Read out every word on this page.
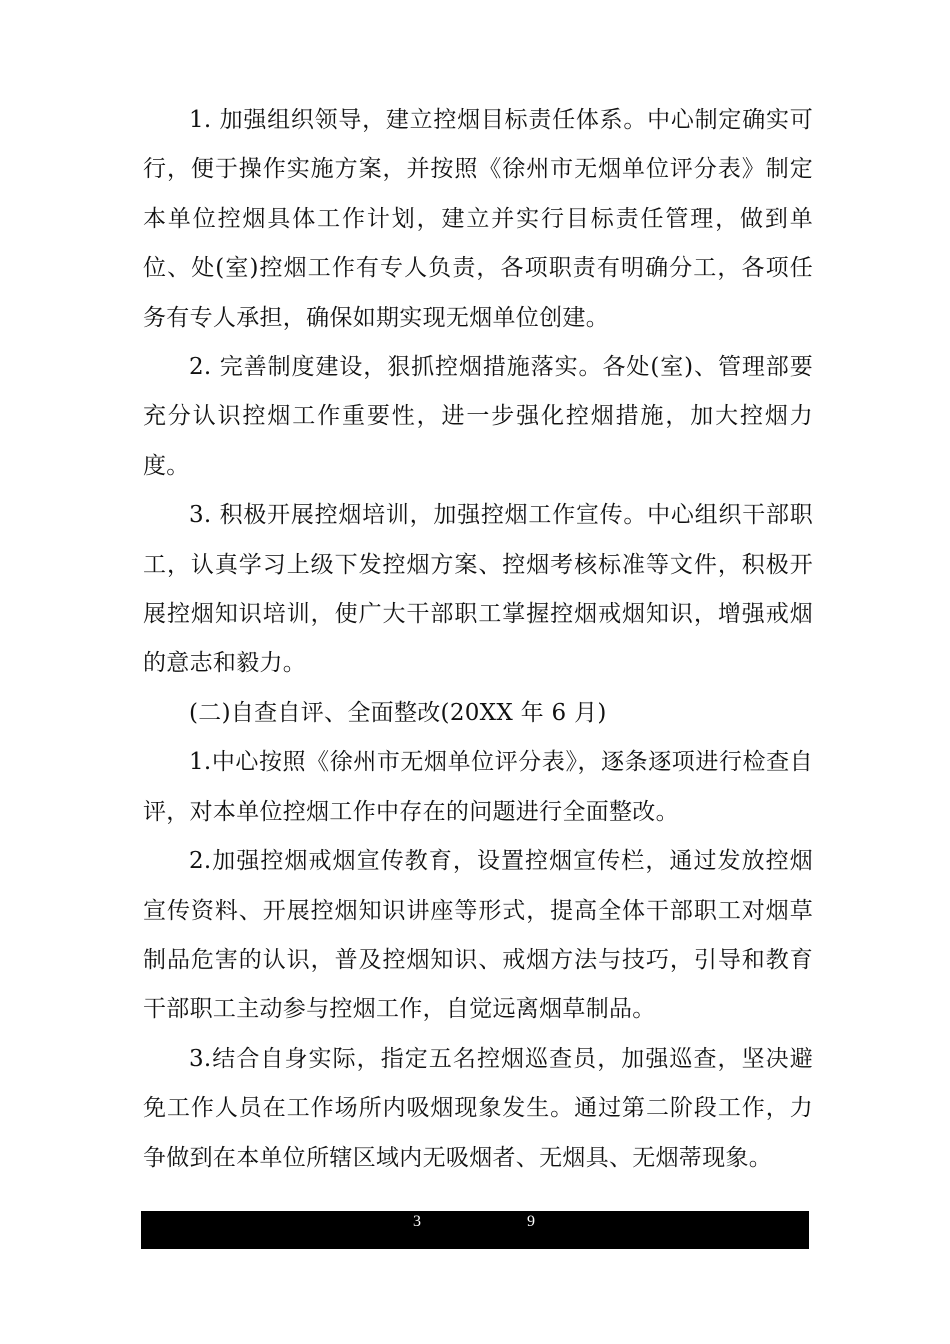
1. 加强组织领导，建立控烟目标责任体系。中心制定确实可行，便于操作实施方案，并按照《徐州市无烟单位评分表》制定本单位控烟具体工作计划，建立并实行目标责任管理，做到单位、处(室)控烟工作有专人负责，各项职责有明确分工，各项任务有专人承担，确保如期实现无烟单位创建。

2. 完善制度建设，狠抓控烟措施落实。各处(室)、管理部要充分认识控烟工作重要性，进一步强化控烟措施，加大控烟力度。

3. 积极开展控烟培训，加强控烟工作宣传。中心组织干部职工，认真学习上级下发控烟方案、控烟考核标准等文件，积极开展控烟知识培训，使广大干部职工掌握控烟戒烟知识，增强戒烟的意志和毅力。

(二)自查自评、全面整改(20XX 年 6 月)

1.中心按照《徐州市无烟单位评分表》，逐条逐项进行检查自评，对本单位控烟工作中存在的问题进行全面整改。

2.加强控烟戒烟宣传教育，设置控烟宣传栏，通过发放控烟宣传资料、开展控烟知识讲座等形式，提高全体干部职工对烟草制品危害的认识，普及控烟知识、戒烟方法与技巧，引导和教育干部职工主动参与控烟工作，自觉远离烟草制品。

3.结合自身实际，指定五名控烟巡查员，加强巡查，坚决避免工作人员在工作场所内吸烟现象发生。通过第二阶段工作，力争做到在本单位所辖区域内无吸烟者、无烟具、无烟蒂现象。

3	9
